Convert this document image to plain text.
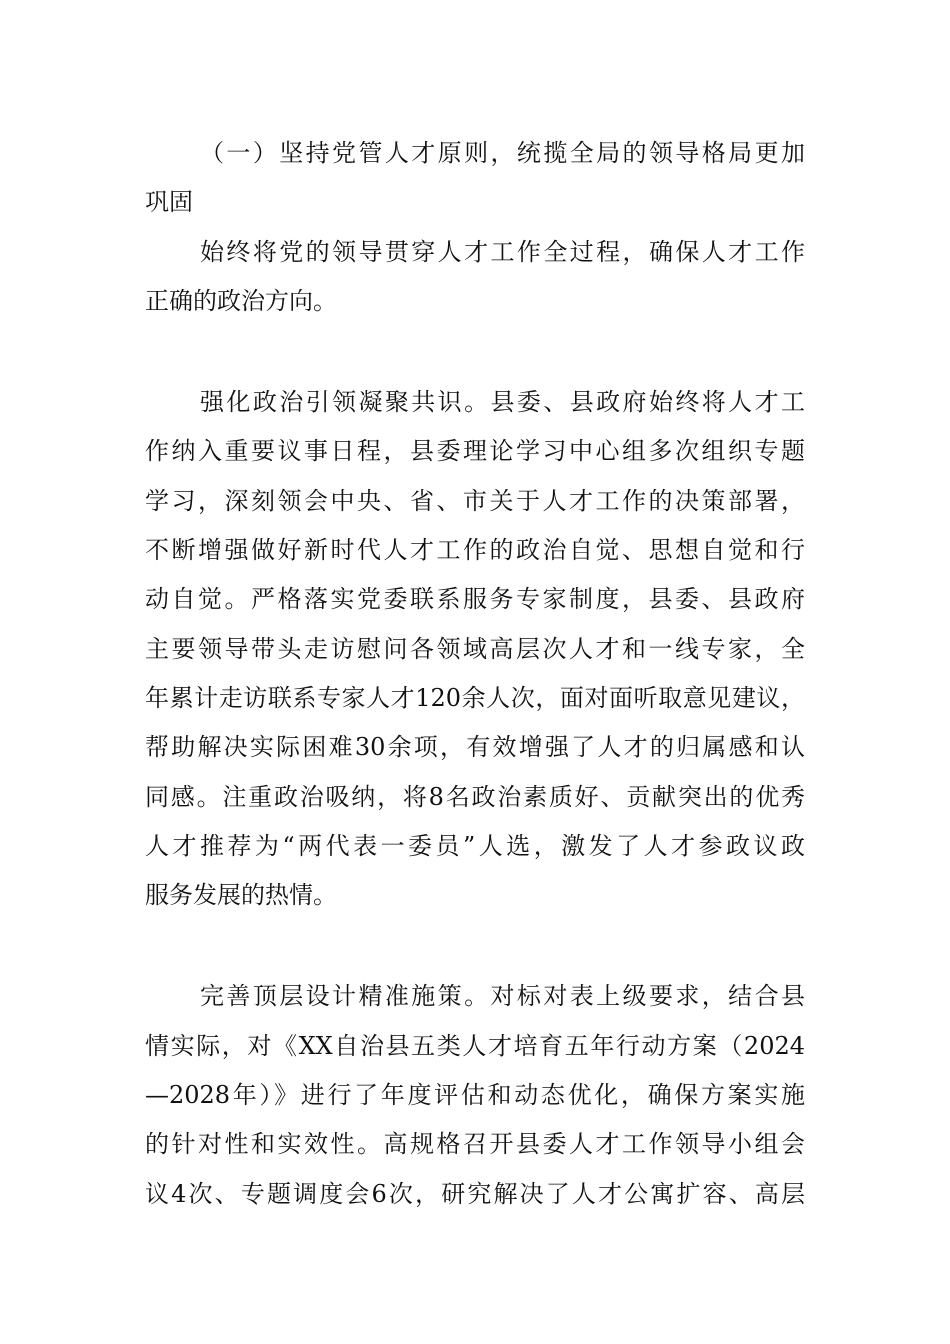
（一）坚持党管人才原则，统揽全局的领导格局更加
巩固
始终将党的领导贯穿人才工作全过程，确保人才工作
正确的政治方向。
强化政治引领凝聚共识。县委、县政府始终将人才工
作纳入重要议事日程，县委理论学习中心组多次组织专题
学习，深刻领会中央、省、市关于人才工作的决策部署，
不断增强做好新时代人才工作的政治自觉、思想自觉和行
动自觉。严格落实党委联系服务专家制度，县委、县政府
主要领导带头走访慰问各领域高层次人才和一线专家，全
年累计走访联系专家人才120余人次，面对面听取意见建议，
帮助解决实际困难30余项，有效增强了人才的归属感和认
同感。注重政治吸纳，将8名政治素质好、贡献突出的优秀
人才推荐为“两代表一委员”人选，激发了人才参政议政
服务发展的热情。
完善顶层设计精准施策。对标对表上级要求，结合县
情实际，对《XX自治县五类人才培育五年行动方案（2024
—2028年）》进行了年度评估和动态优化，确保方案实施
的针对性和实效性。高规格召开县委人才工作领导小组会
议4次、专题调度会6次，研究解决了人才公寓扩容、高层
